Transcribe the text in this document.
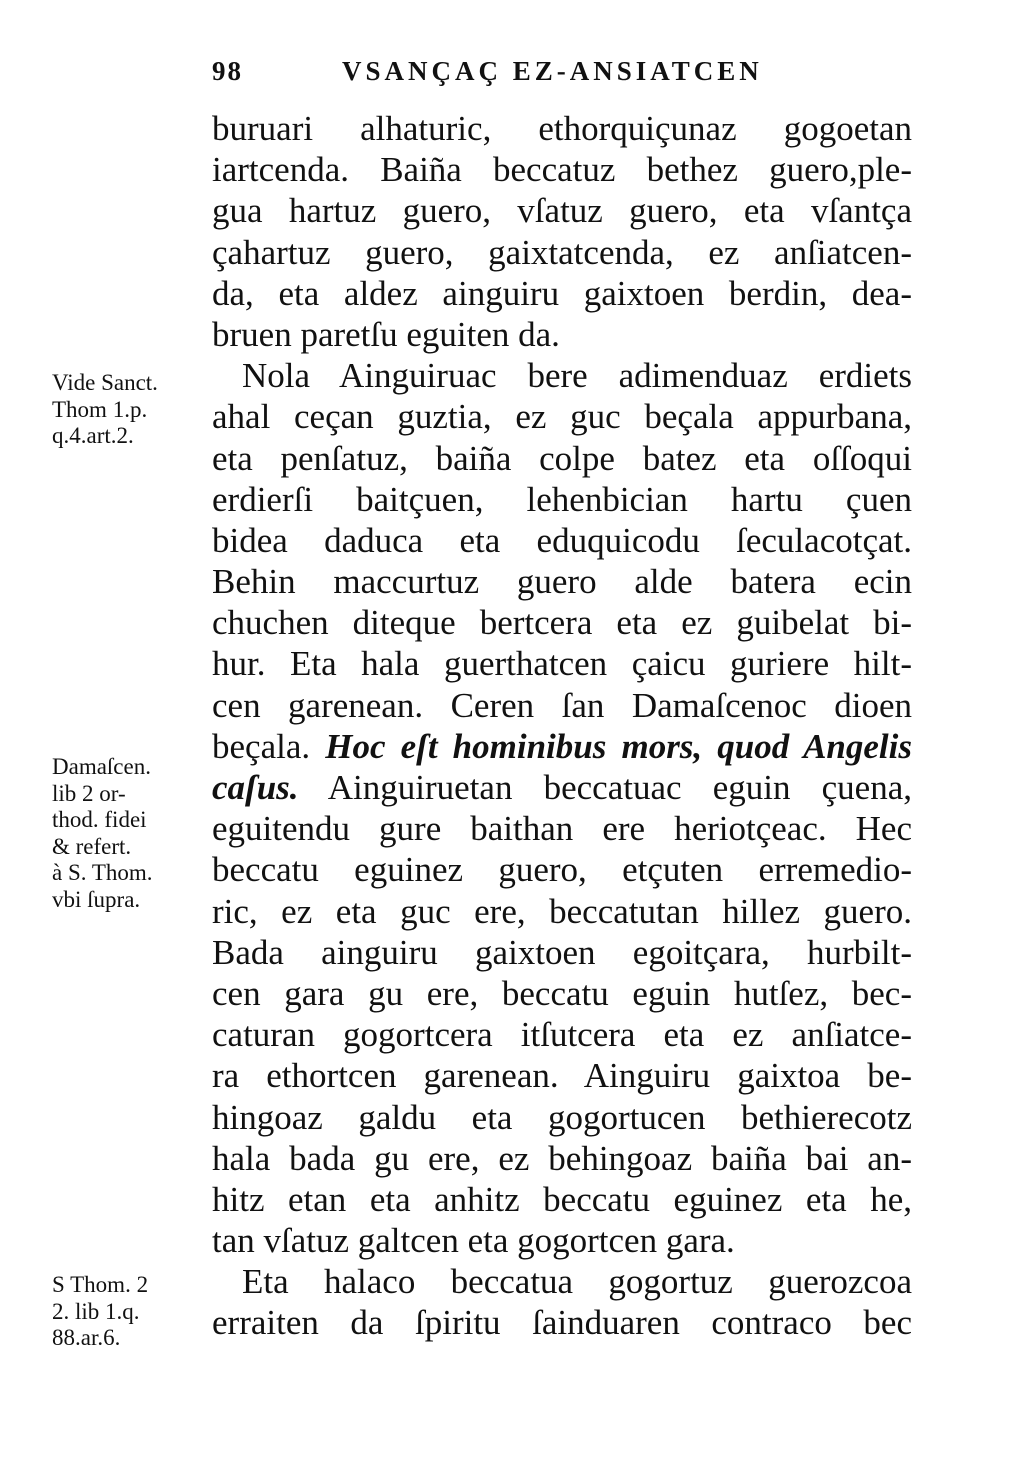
98	VSANÇAÇ EZ-ANSIATCEN
buruari alhaturic, ethorquiçunaz gogoetan
iartcenda. Baiña beccatuz bethez guero,ple-
gua hartuz guero, vſatuz guero, eta vſantça
çahartuz guero, gaixtatcenda, ez anſiatcen-
da, eta aldez ainguiru gaixtoen berdin, dea-
bruen paretſu eguiten da.
Nola Ainguiruac bere adimenduaz erdiets
ahal ceçan guztia, ez guc beçala appurbana,
eta penſatuz, baiña colpe batez eta oſſoqui
erdierſi baitçuen, lehenbician hartu çuen
bidea daduca eta eduquicodu ſeculacotçat.
Behin maccurtuz guero alde batera ecin
chuchen diteque bertcera eta ez guibelat bi-
hur. Eta hala guerthatcen çaicu guriere hilt-
cen garenean. Ceren ſan Damaſcenoc dioen
beçala. Hoc eſt hominibus mors, quod Angelis
caſus. Ainguiruetan beccatuac eguin çuena,
eguitendu gure baithan ere heriotçeac. Hec
beccatu eguinez guero, etçuten erremedio-
ric, ez eta guc ere, beccatutan hillez guero.
Bada ainguiru gaixtoen egoitçara, hurbilt-
cen gara gu ere, beccatu eguin hutſez, bec-
caturan gogortcera itſutcera eta ez anſiatce-
ra ethortcen garenean. Ainguiru gaixtoa be-
hingoaz galdu eta gogortucen bethierecotz
hala bada gu ere, ez behingoaz baiña bai an-
hitz etan eta anhitz beccatu eguinez eta he,
tan vſatuz galtcen eta gogortcen gara.
Eta halaco beccatua gogortuz guerozcoa
erraiten da ſpiritu ſainduaren contraco bec
Vide Sanct.
Thom 1.p.
q.4.art.2.
Damaſcen.
lib 2 or-
thod. fidei
& refert.
à S. Thom.
vbi ſupra.
S Thom. 2
2. lib 1.q.
88.ar.6.
